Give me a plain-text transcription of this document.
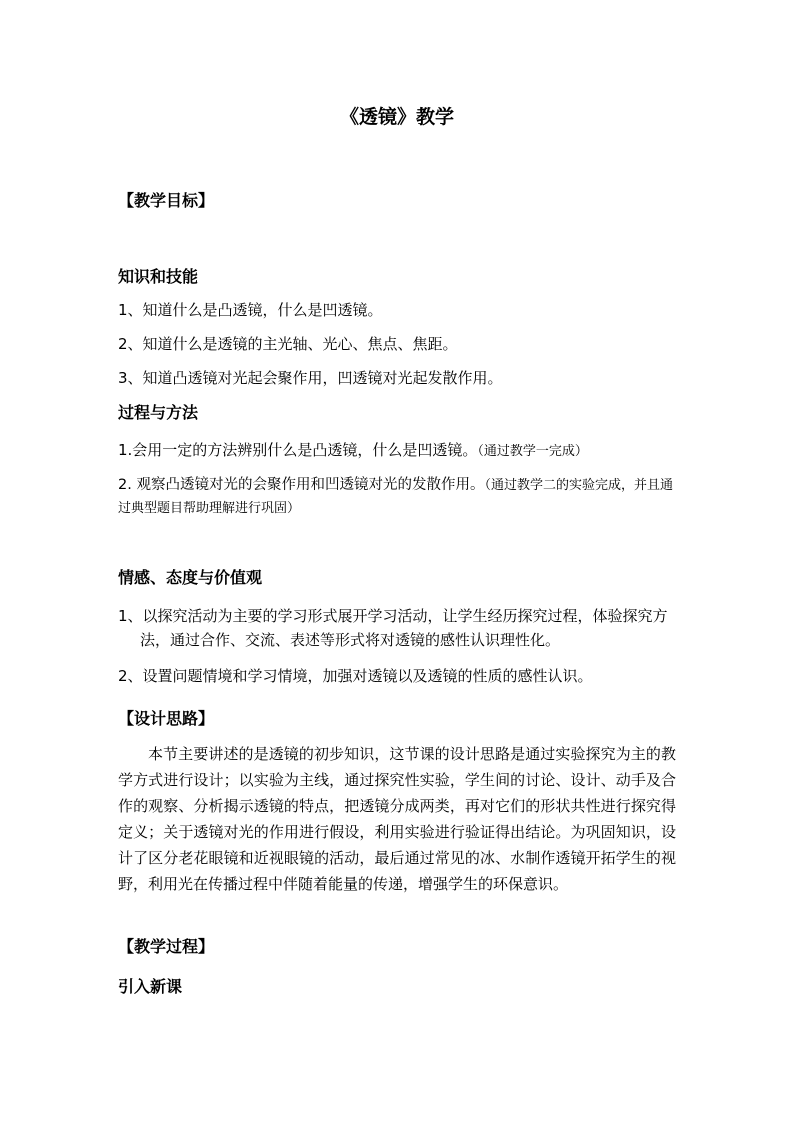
《透镜》教学
【教学目标】
知识和技能
1、知道什么是凸透镜，什么是凹透镜。
2、知道什么是透镜的主光轴、光心、焦点、焦距。
3、知道凸透镜对光起会聚作用，凹透镜对光起发散作用。
过程与方法
1.会用一定的方法辨别什么是凸透镜，什么是凹透镜。（通过教学一完成）
2. 观察凸透镜对光的会聚作用和凹透镜对光的发散作用。（通过教学二的实验完成，并且通过典型题目帮助理解进行巩固）
情感、态度与价值观
1、以探究活动为主要的学习形式展开学习活动，让学生经历探究过程，体验探究方法，通过合作、交流、表述等形式将对透镜的感性认识理性化。
2、设置问题情境和学习情境，加强对透镜以及透镜的性质的感性认识。
【设计思路】
本节主要讲述的是透镜的初步知识，这节课的设计思路是通过实验探究为主的教学方式进行设计；以实验为主线，通过探究性实验，学生间的讨论、设计、动手及合作的观察、分析揭示透镜的特点，把透镜分成两类，再对它们的形状共性进行探究得定义；关于透镜对光的作用进行假设，利用实验进行验证得出结论。为巩固知识，设计了区分老花眼镜和近视眼镜的活动，最后通过常见的冰、水制作透镜开拓学生的视野，利用光在传播过程中伴随着能量的传递，增强学生的环保意识。
【教学过程】
引入新课
